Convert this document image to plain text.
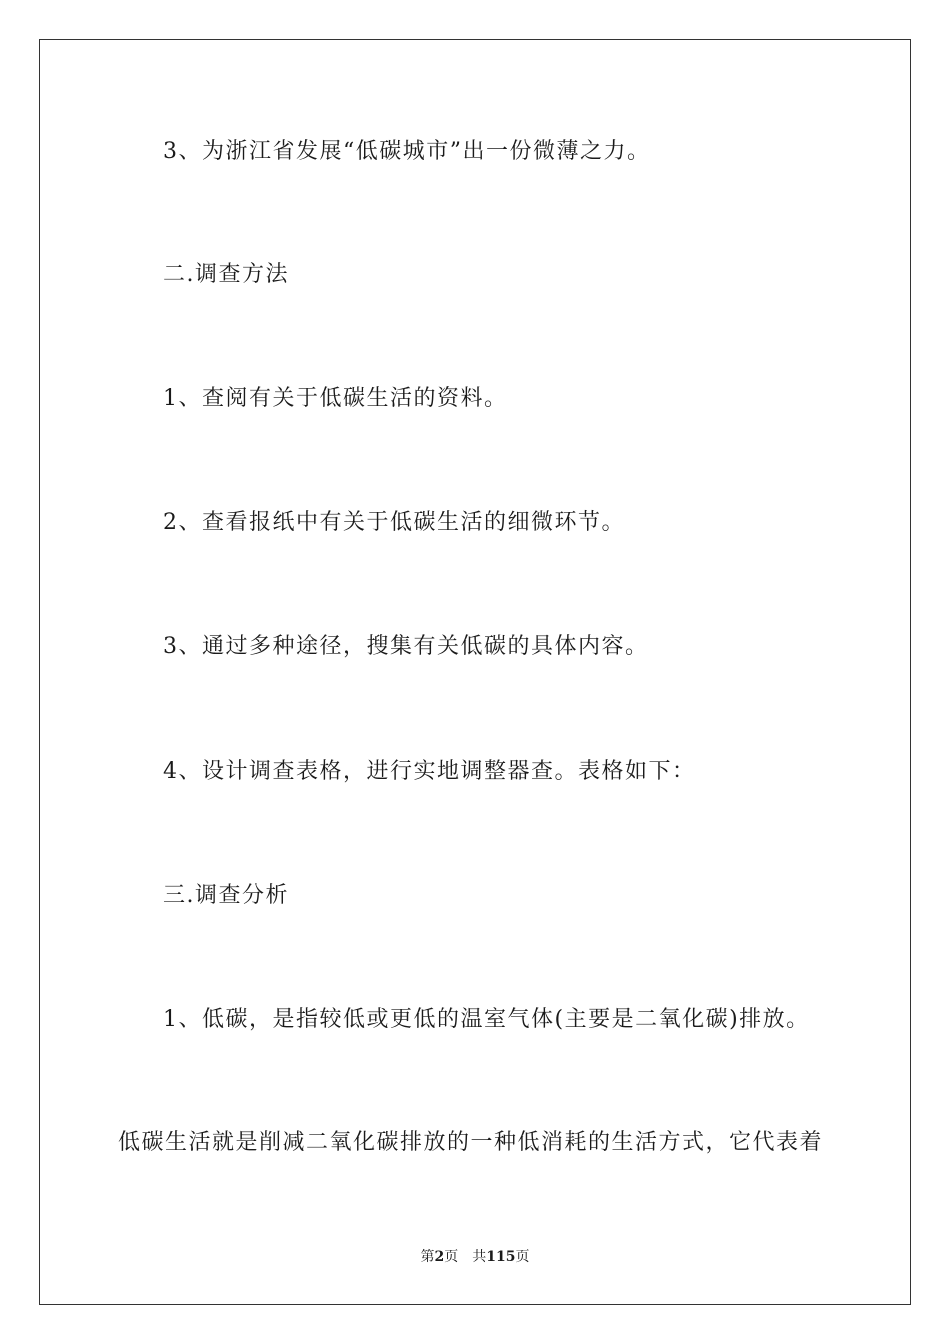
3、为浙江省发展“低碳城市”出一份微薄之力。
二.调查方法
1、查阅有关于低碳生活的资料。
2、查看报纸中有关于低碳生活的细微环节。
3、通过多种途径，搜集有关低碳的具体内容。
4、设计调查表格，进行实地调整器查。表格如下：
三.调查分析
1、低碳，是指较低或更低的温室气体(主要是二氧化碳)排放。
低碳生活就是削减二氧化碳排放的一种低消耗的生活方式，它代表着
第2页 共115页
